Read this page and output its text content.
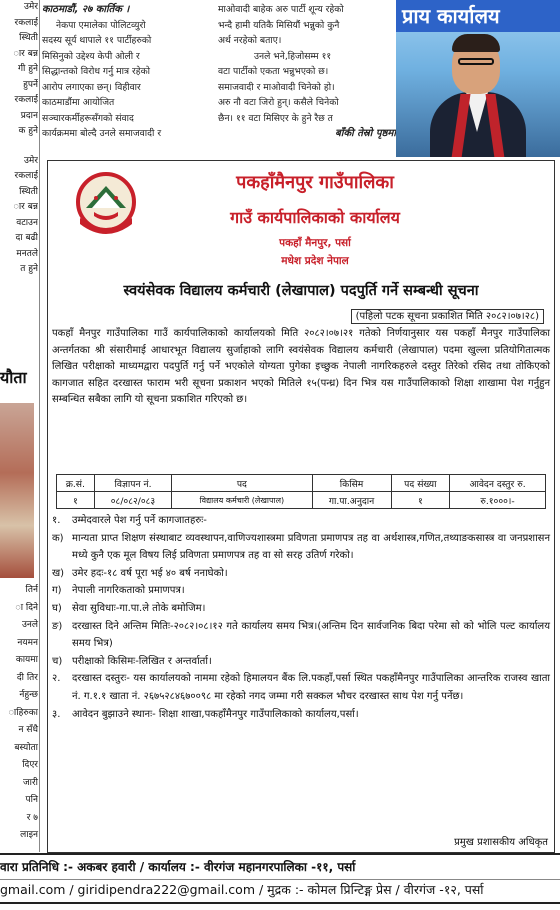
उमेर
रकलाई
स्थिती
ार बन्न
गी हुने
हुपर्ने
रकलाई
प्रदान
क हुने
उमेर
रकलाई
स्थिती
ार बन्न
वटाउन
दा बढी
मनतले
त हुने
यौता
तिर्न
ा दिने
उनले
नयमन
कायमा
दी तिर
र्नहुन्छ
ाहिरुका
न सँधै
बस्योता
दिएर
जारी
पनि
र ७
लाइन

काठमाडौं, २७ कार्तिक ।

नेकपा एमालेका पोलिटव्युरो

सदस्य सूर्य थापाले ११ पार्टीहरुको

मिसिनुको उद्देश्य केपी ओली र

सिद्धान्तको विरोध गर्नु मात्र रहेको

आरोप लगाएका छन्। विहीवार

काठमाडौंमा आयोजित

सञ्चारकर्मीहरूसँगको संवाद

कार्यक्रममा बोल्दै उनले समाजवादी र

माओवादी बाहेक अरु पार्टी शून्य रहेको

भन्दै हामी यतिकै मिसियौं भन्नुको कुनै

अर्थ नरहेको बताए।

उनले भने,हिजोसम्म ११

वटा पार्टीको एकता भन्नुभएको छ।

समाजवादी र माओवादी चिनेको हो।

अरु नौ वटा जिरो हुन्। कसैले चिनेको

छैन। ११ वटा मिसिएर के हुने रैछ त

बाँकी तेस्रो पृष्ठमा

प्राय कार्यालय
पकहाँमैनपुर गाउँपालिका
गाउँ कार्यपालिकाको कार्यालय
पकहाँ मैनपुर, पर्सा
मधेश प्रदेश नेपाल
स्वयंसेवक विद्यालय कर्मचारी (लेखापाल) पदपुर्ति गर्ने सम्बन्धी सूचना
(पहिलो पटक सूचना प्रकाशित मिति २०८२।०७।२८)

पकहाँ मैनपुर गाउँपालिका गाउँ कार्यपालिकाको कार्यालयको मिति २०८२।०७।२१ गतेको निर्णयानुसार यस पकहाँ मैनपुर गाउँपालिका अन्तर्गतका श्री संसारीमाई आधारभूत विद्यालय सुर्जाहाको लागि स्वयंसेवक विद्यालय कर्मचारी (लेखापाल) पदमा खुल्ला प्रतियोगितात्मक लिखित परीक्षाको माध्यमद्वारा पदपुर्ति गर्नु पर्ने भएकोले योग्यता पुगेका इच्छुक नेपाली नागरिकहरुले दस्तुर तिरेको रसिद तथा तोकिएको कागजात सहित दरखास्त फाराम भरी सूचना प्रकाशन भएको मितिले १५(पन्ध्र) दिन भित्र यस गाउँपालिकाको शिक्षा शाखामा पेश गर्नुहुन सम्बन्धित सबैका लागि यो सूचना प्रकाशित गरिएको छ।

क्र.सं.	विज्ञापन नं.	पद	किसिम	पद संख्या	आवेदन दस्तुर रु.
१	०८/०८२/०८३	विद्यालय कर्मचारी (लेखापाल)	गा.पा.अनुदान	१	रु.१०००।-
१.	उम्मेदवारले पेश गर्नु पर्ने कागजातहरुः-
क) मान्यता प्राप्त शिक्षण संस्थाबाट व्यवस्थापन,वाणिज्यशास्त्रमा प्रविणता प्रमाणपत्र तह वा अर्थशास्त्र,गणित,तथ्याङकसास्त्र वा जनप्रशासन मध्ये कुनै एक मूल विषय लिई प्रविणता प्रमाणपत्र तह वा सो सरह उतिर्ण गरेको।
ख) उमेर हदः-१८ वर्ष पूरा भई ४० बर्ष ननाघेको।
ग)	नेपाली नागरिकताको प्रमाणपत्र।
घ)	सेवा सुविधाः-गा.पा.ले तोके बमोजिम।
ङ) दरखास्त दिने अन्तिम मितिः-२०८२।०८।१२ गते कार्यालय समय भित्र।(अन्तिम दिन सार्वजनिक बिदा परेमा सो को भोलि पल्ट कार्यालय समय भित्र)
च) परीक्षाको किसिमः-लिखित र अन्तर्वार्ता।
२.	दरखास्त दस्तुरः- यस कार्यालयको नाममा रहेको हिमालयन बैंक लि.पकहाँ,पर्सा स्थित पकहाँमैनपुर गाउँपालिका आन्तरिक राजस्व खाता नं. ग.१.१ खाता नं. २६७५२८४६७००९८ मा रहेको नगद जम्मा गरी सक्कल भौचर दरखास्त साथ पेश गर्नु पर्नेछ।
३.	आवेदन बुझाउने स्थानः- शिक्षा शाखा,पकहाँमैनपुर गाउँपालिकाको कार्यालय,पर्सा।
प्रमुख प्रशासकीय अधिकृत
वारा प्रतिनिधि :- अकबर हवारी / कार्यालय :- वीरगंज महानगरपालिका -११, पर्सा
gmail.com / giridipendra222@gmail.com / मुद्रक :- कोमल प्रिन्टिङ्ग प्रेस / वीरगंज -१२, पर्सा
